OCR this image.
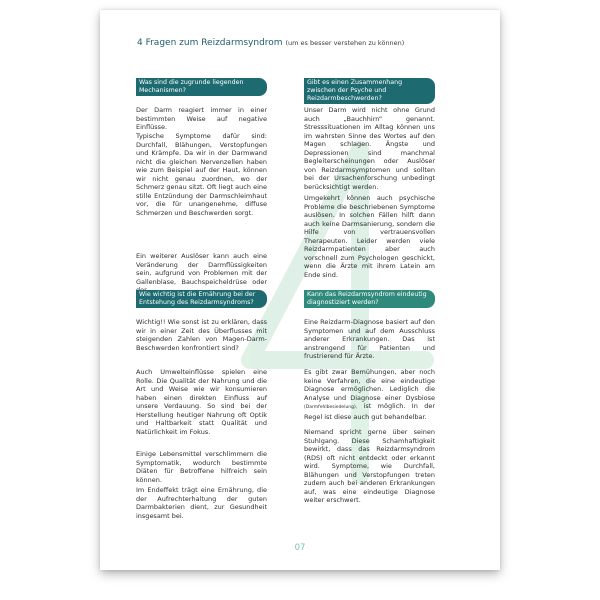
4 Fragen zum Reizdarmsyndrom (um es besser verstehen zu können)
Was sind die zugrunde liegenden Mechanismen?

Der Darm reagiert immer in einer bestimmten Weise auf negative Einflüsse.

Typische Symptome dafür sind: Durchfall, Blähungen, Verstopfungen und Krämpfe. Da wir in der Darmwand nicht die gleichen Nervenzellen haben wie zum Beispiel auf der Haut, können wir nicht genau zuordnen, wo der Schmerz genau sitzt. Oft liegt auch eine stille Entzündung der Darmschleimhaut vor, die für unangenehme, diffuse Schmerzen und Beschwerden sorgt.

Ein weiterer Auslöser kann auch eine Veränderung der Darmflüssigkeiten sein, aufgrund von Problemen mit der Gallenblase, Bauchspeicheldrüse oder

Wie wichtig ist die Ernährung bei der Entstehung des Reizdarmsyndroms?

Wichtig!! Wie sonst ist zu erklären, dass wir in einer Zeit des Überflusses mit steigenden Zahlen von Magen-Darm-Beschwerden konfrontiert sind?

Auch Umwelteinflüsse spielen eine Rolle. Die Qualität der Nahrung und die Art und Weise wie wir konsumieren haben einen direkten Einfluss auf unsere Verdauung. So sind bei der Herstellung heutiger Nahrung oft Optik und Haltbarkeit statt Qualität und Natürlichkeit im Fokus.

Einige Lebensmittel verschlimmern die Symptomatik, wodurch bestimmte Diäten für Betroffene hilfreich sein können.

Im Endeffekt trägt eine Ernährung, die der Aufrechterhaltung der guten Darmbakterien dient, zur Gesundheit insgesamt bei.

Gibt es einen Zusammenhang zwischen der Psyche und Reizdarmbeschwerden?

Unser Darm wird nicht ohne Grund auch „Bauchhirn“ genannt. Stresssituationen im Alltag können uns im wahrsten Sinne des Wortes auf den Magen schlagen. Ängste und Depressionen sind manchmal Begleiterscheinungen oder Auslöser von Reizdarmsymptomen und sollten bei der Ursachenforschung unbedingt berücksichtigt werden.

Umgekehrt können auch psychische Probleme die beschriebenen Symptome auslösen. In solchen Fällen hilft dann auch keine Darmsanierung, sondern die Hilfe von vertrauensvollen Therapeuten. Leider werden viele Reizdarmpatienten aber auch vorschnell zum Psychologen geschickt, wenn die Ärzte mit ihrem Latein am Ende sind.

Kann das Reizdarmsyndrom eindeutig diagnostiziert werden?

Eine Reizdarm-Diagnose basiert auf den Symptomen und auf dem Ausschluss anderer Erkrankungen. Das ist anstrengend für Patienten und frustrierend für Ärzte.

Es gibt zwar Bemühungen, aber noch keine Verfahren, die eine eindeutige Diagnose ermöglichen. Lediglich die Analyse und Diagnose einer Dysbiose (Darmfehlbesiedelung), ist möglich. In der Regel ist diese auch gut behandelbar.

Niemand spricht gerne über seinen Stuhlgang. Diese Schamhaftigkeit bewirkt, dass das Reizdarmsyndrom (RDS) oft nicht entdeckt oder erkannt wird. Symptome, wie Durchfall, Blähungen und Verstopfungen treten zudem auch bei anderen Erkrankungen auf, was eine eindeutige Diagnose weiter erschwert.

07
